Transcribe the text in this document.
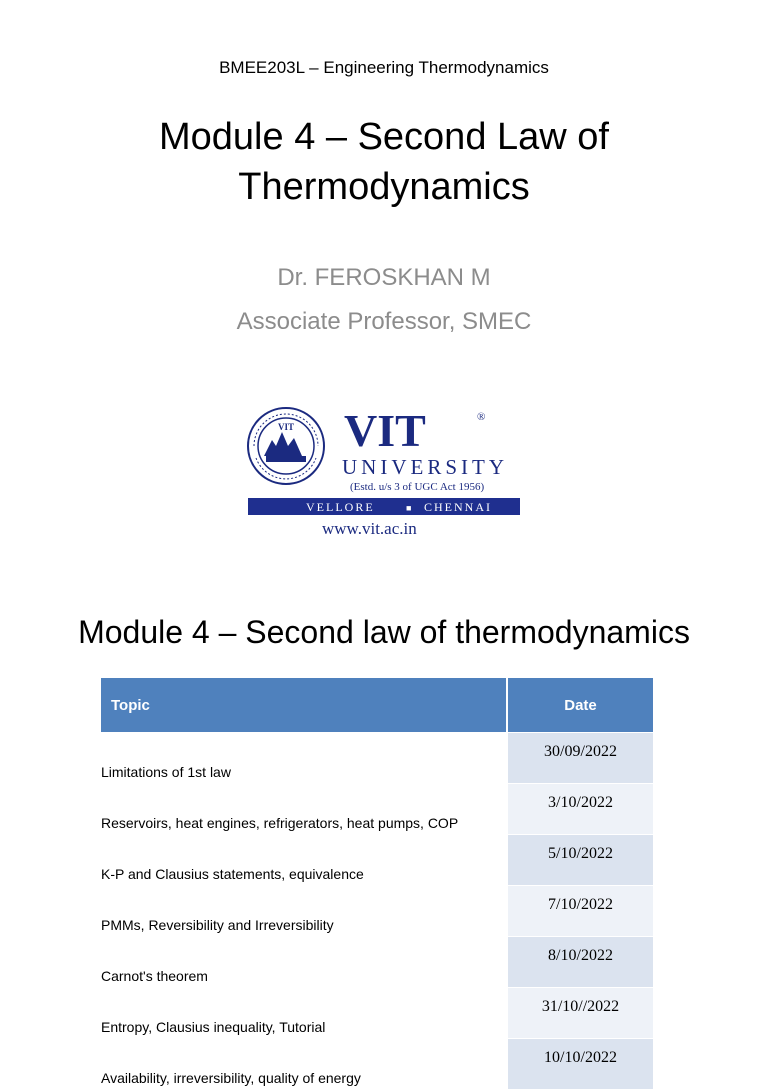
BMEE203L – Engineering Thermodynamics
Module 4 – Second Law of
Thermodynamics
Dr. FEROSKHAN M
Associate Professor, SMEC
VIT VIT	®
UNIVERSITY
(Estd. u/s 3 of UGC Act 1956)
VELLORE	■ CHENNAI
www.vit.ac.in
Module 4 – Second law of thermodynamics
Topic	Date
Limitations of 1st law	30/09/2022
Reservoirs, heat engines, refrigerators, heat pumps, COP	3/10/2022
K-P and Clausius statements, equivalence	5/10/2022
PMMs, Reversibility and Irreversibility	7/10/2022
Carnot's theorem	8/10/2022
Entropy, Clausius inequality, Tutorial	31/10//2022
Availability, irreversibility, quality of energy	10/10/2022
